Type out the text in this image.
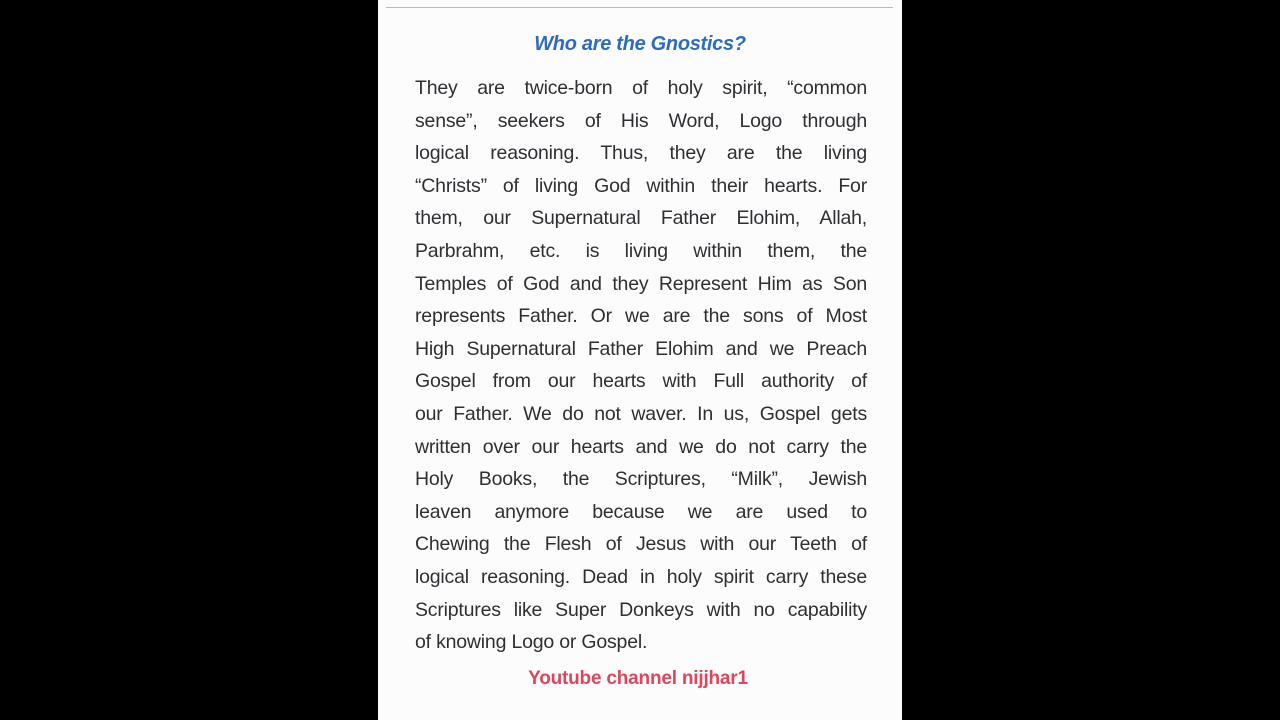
Who are the Gnostics?
They are twice-born of holy spirit, “common
sense”, seekers of His Word, Logo through
logical reasoning. Thus, they are the living
“Christs” of living God within their hearts. For
them, our Supernatural Father Elohim, Allah,
Parbrahm, etc. is living within them, the
Temples of God and they Represent Him as Son
represents Father. Or we are the sons of Most
High Supernatural Father Elohim and we Preach
Gospel from our hearts with Full authority of
our Father. We do not waver. In us, Gospel gets
written over our hearts and we do not carry the
Holy Books, the Scriptures, “Milk”, Jewish
leaven anymore because we are used to
Chewing the Flesh of Jesus with our Teeth of
logical reasoning. Dead in holy spirit carry these
Scriptures like Super Donkeys with no capability
of knowing Logo or Gospel.
Youtube channel nijjhar1
